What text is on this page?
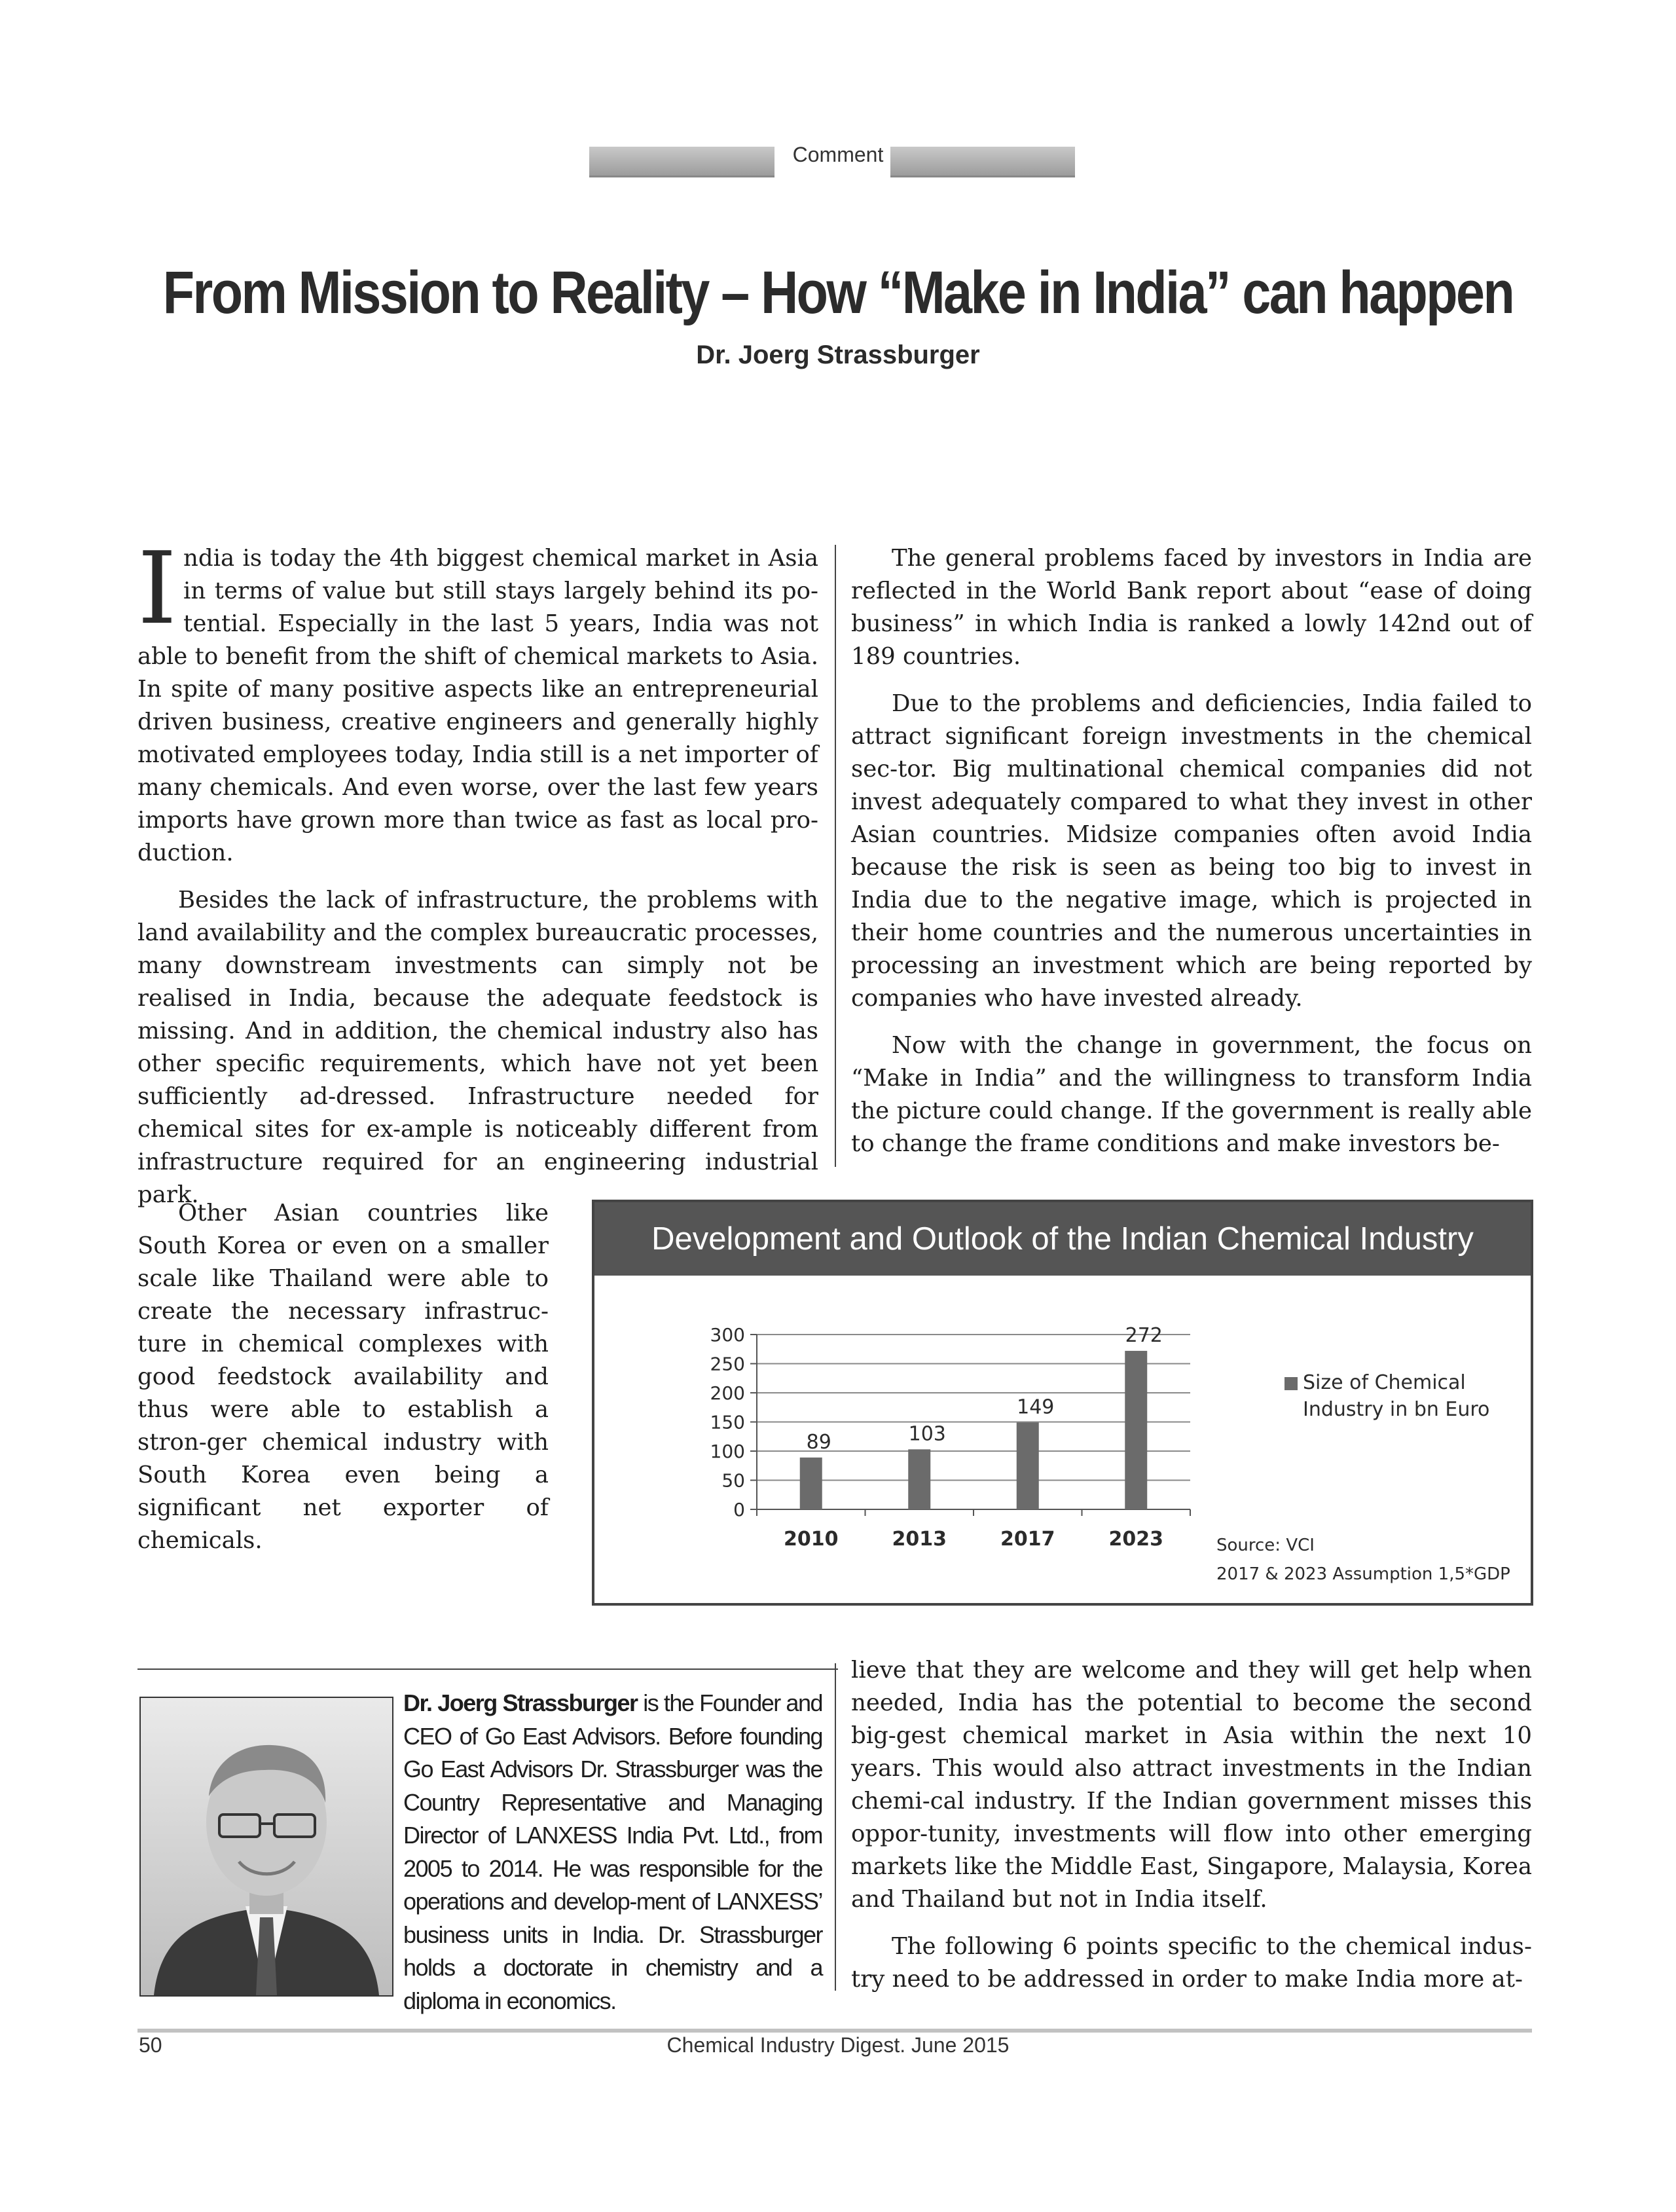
Comment
From Mission to Reality – How “Make in India” can happen
Dr. Joerg Strassburger

India is today the 4th biggest chemical market in Asia in terms of value but still stays largely behind its po-tential. Especially in the last 5 years, India was not able to benefit from the shift of chemical markets to Asia. In spite of many positive aspects like an entrepreneurial driven business, creative engineers and generally highly motivated employees today, India still is a net importer of many chemicals. And even worse, over the last few years imports have grown more than twice as fast as local pro-duction.

Besides the lack of infrastructure, the problems with land availability and the complex bureaucratic processes, many downstream investments can simply not be realised in India, because the adequate feedstock is missing. And in addition, the chemical industry also has other specific requirements, which have not yet been sufficiently ad-dressed. Infrastructure needed for chemical sites for ex-ample is noticeably different from infrastructure required for an engineering industrial park.

Other Asian countries like South Korea or even on a smaller scale like Thailand were able to create the necessary infrastruc-ture in chemical complexes with good feedstock availability and thus were able to establish a stron-ger chemical industry with South Korea even being a significant net exporter of chemicals.

The general problems faced by investors in India are reflected in the World Bank report about “ease of doing business” in which India is ranked a lowly 142nd out of 189 countries.

Due to the problems and deficiencies, India failed to attract significant foreign investments in the chemical sec-tor. Big multinational chemical companies did not invest adequately compared to what they invest in other Asian countries. Midsize companies often avoid India because the risk is seen as being too big to invest in India due to the negative image, which is projected in their home countries and the numerous uncertainties in processing an investment which are being reported by companies who have invested already.

Now with the change in government, the focus on “Make in India” and the willingness to transform India the picture could change. If the government is really able to change the frame conditions and make investors be-

Development and Outlook of the Indian Chemical Industry
0
50
100
150
200
250
300
89
2010
103
2013
149
2017
272
2023
Size of Chemical
Industry in bn Euro
Source: VCI
2017 & 2023 Assumption 1,5*GDP
Dr. Joerg Strassburger is the Founder and CEO of Go East Advisors. Before founding Go East Advisors Dr. Strassburger was the Country Representative and Managing Director of LANXESS India Pvt. Ltd., from 2005 to 2014. He was responsible for the operations and develop-ment of LANXESS’ business units in India. Dr. Strassburger holds a doctorate in chemistry and a diploma in economics.

lieve that they are welcome and they will get help when needed, India has the potential to become the second big-gest chemical market in Asia within the next 10 years. This would also attract investments in the Indian chemi-cal industry. If the Indian government misses this oppor-tunity, investments will flow into other emerging markets like the Middle East, Singapore, Malaysia, Korea and Thailand but not in India itself.

The following 6 points specific to the chemical indus-try need to be addressed in order to make India more at-

50	Chemical Industry Digest. June 2015
